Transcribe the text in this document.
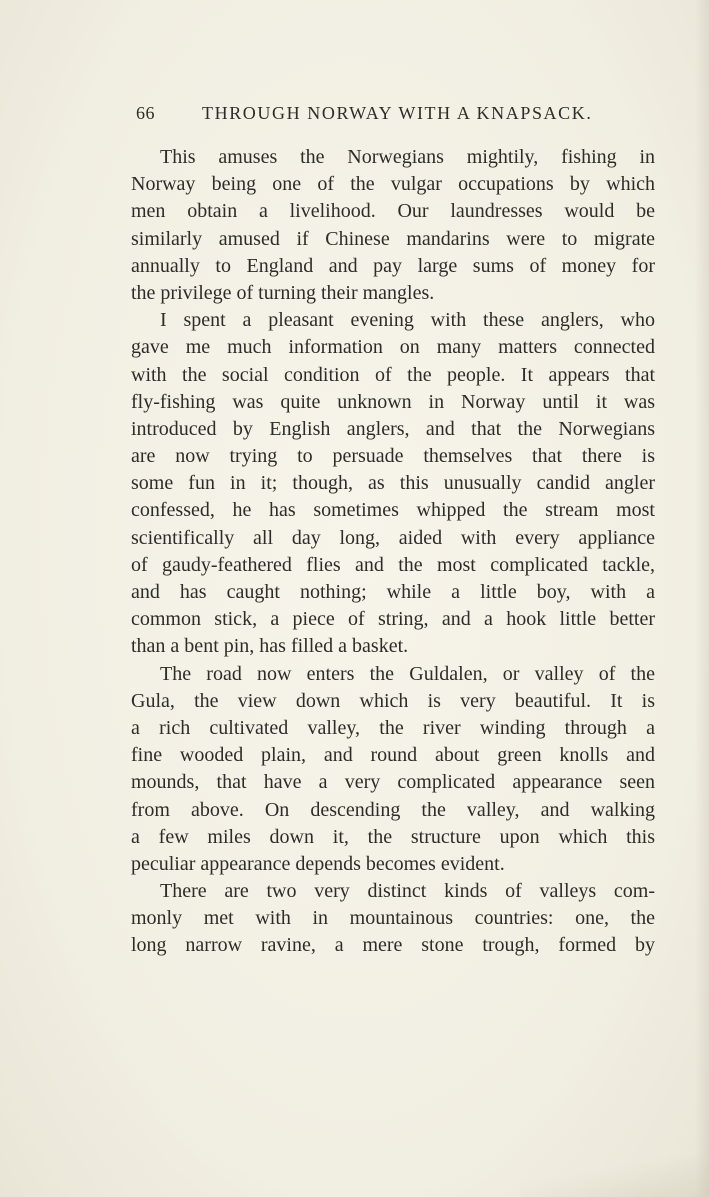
66	THROUGH NORWAY WITH A KNAPSACK.
This amuses the Norwegians mightily, fishing in
Norway being one of the vulgar occupations by which
men obtain a livelihood. Our laundresses would be
similarly amused if Chinese mandarins were to migrate
annually to England and pay large sums of money for
the privilege of turning their mangles.
I spent a pleasant evening with these anglers, who
gave me much information on many matters connected
with the social condition of the people. It appears that
fly-fishing was quite unknown in Norway until it was
introduced by English anglers, and that the Norwegians
are now trying to persuade themselves that there is
some fun in it; though, as this unusually candid angler
confessed, he has sometimes whipped the stream most
scientifically all day long, aided with every appliance
of gaudy-feathered flies and the most complicated tackle,
and has caught nothing; while a little boy, with a
common stick, a piece of string, and a hook little better
than a bent pin, has filled a basket.
The road now enters the Guldalen, or valley of the
Gula, the view down which is very beautiful. It is
a rich cultivated valley, the river winding through a
fine wooded plain, and round about green knolls and
mounds, that have a very complicated appearance seen
from above. On descending the valley, and walking
a few miles down it, the structure upon which this
peculiar appearance depends becomes evident.
There are two very distinct kinds of valleys com-
monly met with in mountainous countries: one, the
long narrow ravine, a mere stone trough, formed by
